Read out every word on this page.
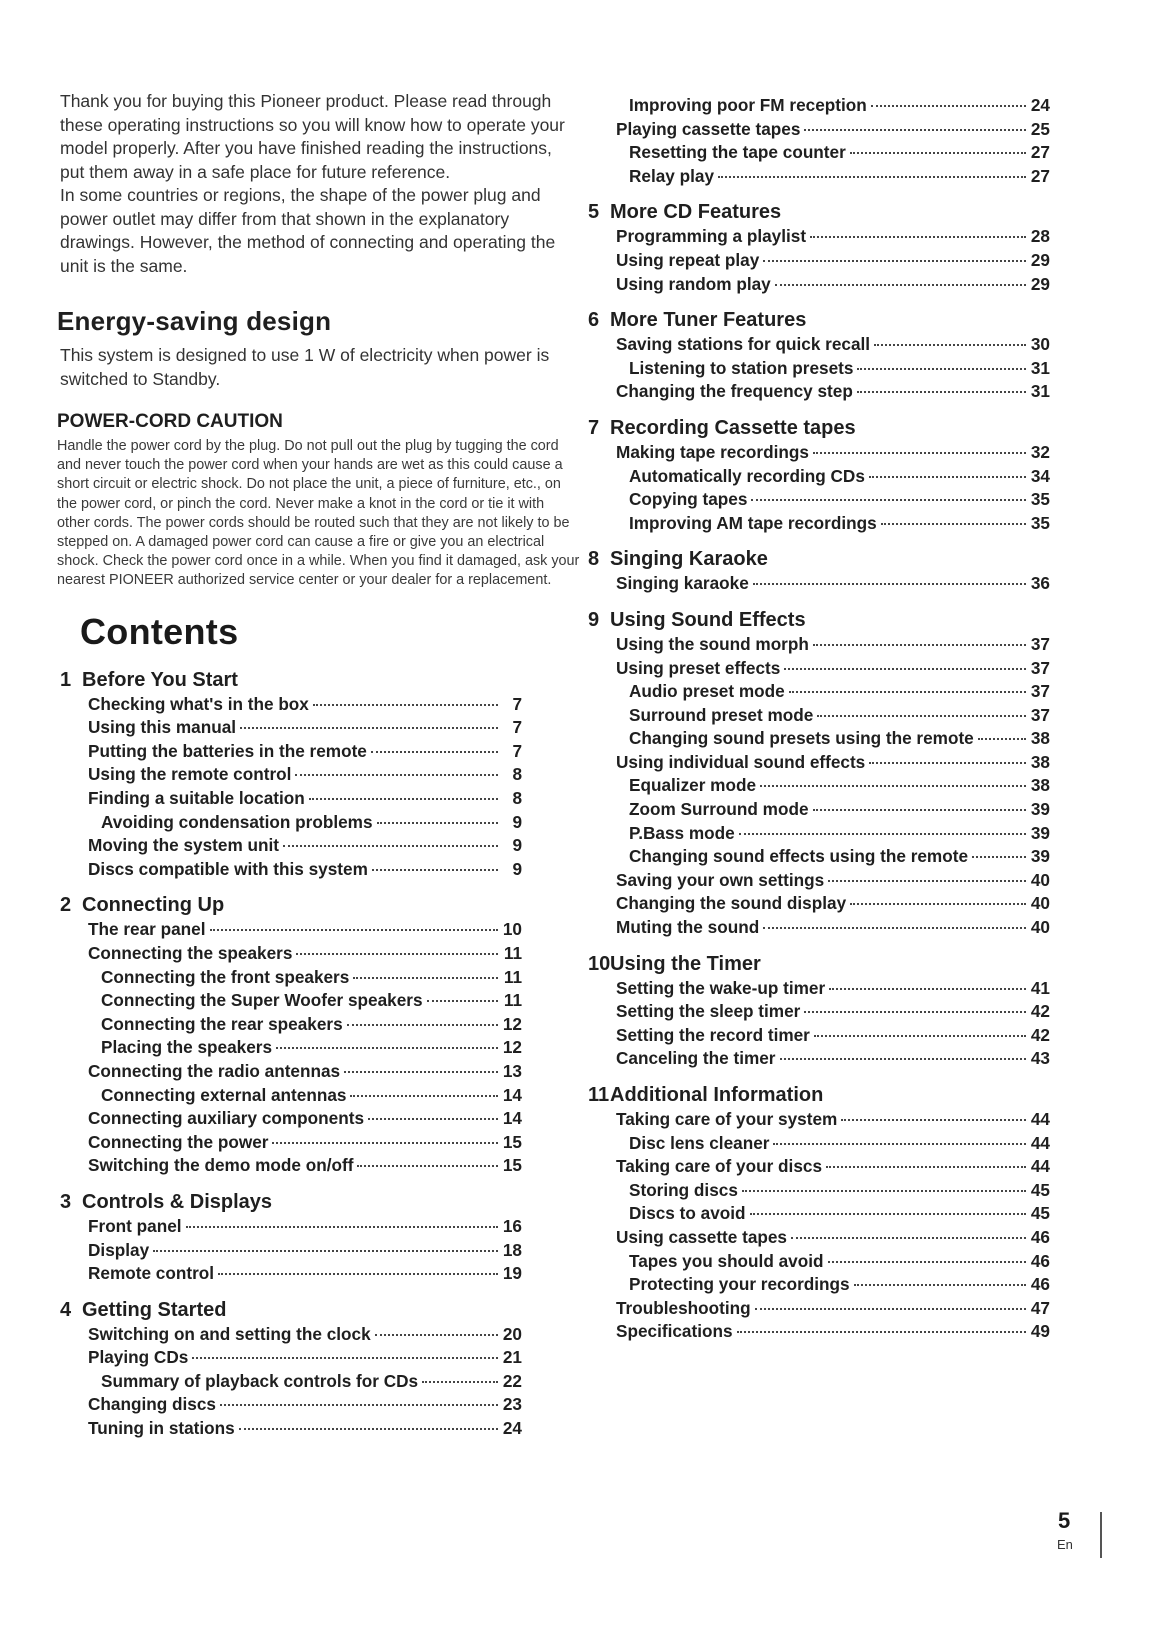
Thank you for buying this Pioneer product. Please read through these operating instructions so you will know how to operate your model properly. After you have finished reading the instructions, put them away in a safe place for future reference.

In some countries or regions, the shape of the power plug and power outlet may differ from that shown in the explanatory drawings. However, the method of connecting and operating the unit is the same.

Energy-saving design

This system is designed to use 1 W of electricity when power is switched to Standby.

POWER-CORD CAUTION

Handle the power cord by the plug. Do not pull out the plug by tugging the cord and never touch the power cord when your hands are wet as this could cause a short circuit or electric shock. Do not place the unit, a piece of furniture, etc., on the power cord, or pinch the cord. Never make a knot in the cord or tie it with other cords. The power cords should be routed such that they are not likely to be stepped on. A damaged power cord can cause a fire or give you an electrical shock. Check the power cord once in a while. When you find it damaged, ask your nearest PIONEER authorized service center or your dealer for a replacement.

Contents
1 Before You Start
Checking what's in the box	7
Using this manual	7
Putting the batteries in the remote	7
Using the remote control	8
Finding a suitable location	8
Avoiding condensation problems	9
Moving the system unit	9
Discs compatible with this system	9
2 Connecting Up
The rear panel	10
Connecting the speakers	11
Connecting the front speakers	11
Connecting the Super Woofer speakers	11
Connecting the rear speakers	12
Placing the speakers	12
Connecting the radio antennas	13
Connecting external antennas	14
Connecting auxiliary components	14
Connecting the power	15
Switching the demo mode on/off	15
3 Controls & Displays
Front panel	16
Display	18
Remote control	19
4 Getting Started
Switching on and setting the clock	20
Playing CDs	21
Summary of playback controls for CDs	22
Changing discs	23
Tuning in stations	24
Improving poor FM reception	24
Playing cassette tapes	25
Resetting the tape counter	27
Relay play	27
5 More CD Features
Programming a playlist	28
Using repeat play	29
Using random play	29
6 More Tuner Features
Saving stations for quick recall	30
Listening to station presets	31
Changing the frequency step	31
7 Recording Cassette tapes
Making tape recordings	32
Automatically recording CDs	34
Copying tapes	35
Improving AM tape recordings	35
8 Singing Karaoke
Singing karaoke	36
9 Using Sound Effects
Using the sound morph	37
Using preset effects	37
Audio preset mode	37
Surround preset mode	37
Changing sound presets using the remote	38
Using individual sound effects	38
Equalizer mode	38
Zoom Surround mode	39
P.Bass mode	39
Changing sound effects using the remote	39
Saving your own settings	40
Changing the sound display	40
Muting the sound	40
10 Using the Timer
Setting the wake-up timer	41
Setting the sleep timer	42
Setting the record timer	42
Canceling the timer	43
11 Additional Information
Taking care of your system	44
Disc lens cleaner	44
Taking care of your discs	44
Storing discs	45
Discs to avoid	45
Using cassette tapes	46
Tapes you should avoid	46
Protecting your recordings	46
Troubleshooting	47
Specifications	49
5
En
